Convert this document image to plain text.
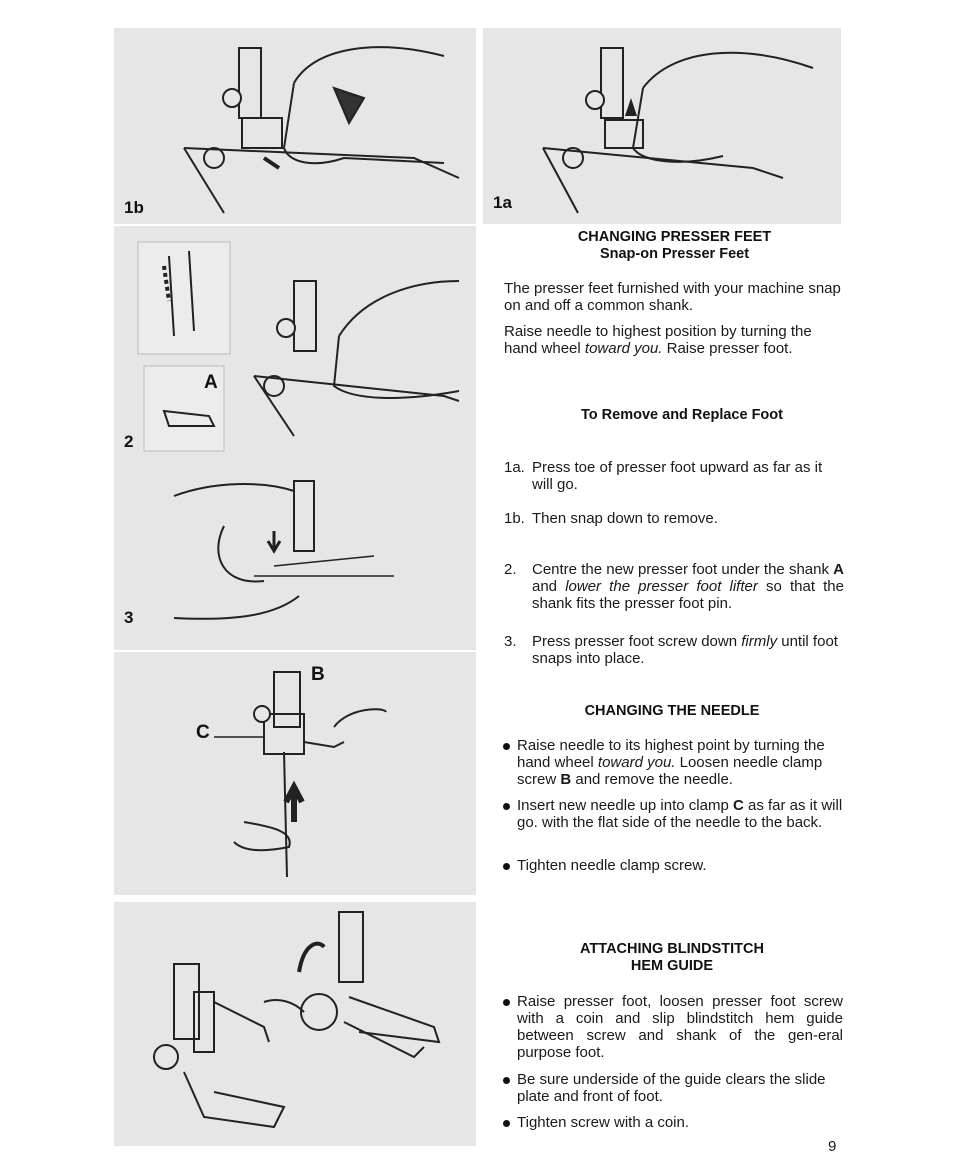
1b	1a
A
2
3
B
C
CHANGING PRESSER FEET
Snap-on Presser Feet
The presser feet furnished with your machine snap on and off a common shank.
Raise needle to highest position by turning the hand wheel toward you. Raise presser foot.
To Remove and Replace Foot
1a. Press toe of presser foot upward as far as it will go.
1b. Then snap down to remove.
2. Centre the new presser foot under the shank A and lower the presser foot lifter so that the shank fits the presser foot pin.
3. Press presser foot screw down firmly until foot snaps into place.
CHANGING THE NEEDLE
Raise needle to its highest point by turning the hand wheel toward you. Loosen needle clamp screw B and remove the needle.
Insert new needle up into clamp C as far as it will go. with the flat side of the needle to the back.
Tighten needle clamp screw.
ATTACHING BLINDSTITCH
HEM GUIDE
Raise presser foot, loosen presser foot screw with a coin and slip blindstitch hem guide between screw and shank of the gen-eral purpose foot.
Be sure underside of the guide clears the slide plate and front of foot.
Tighten screw with a coin.
9
